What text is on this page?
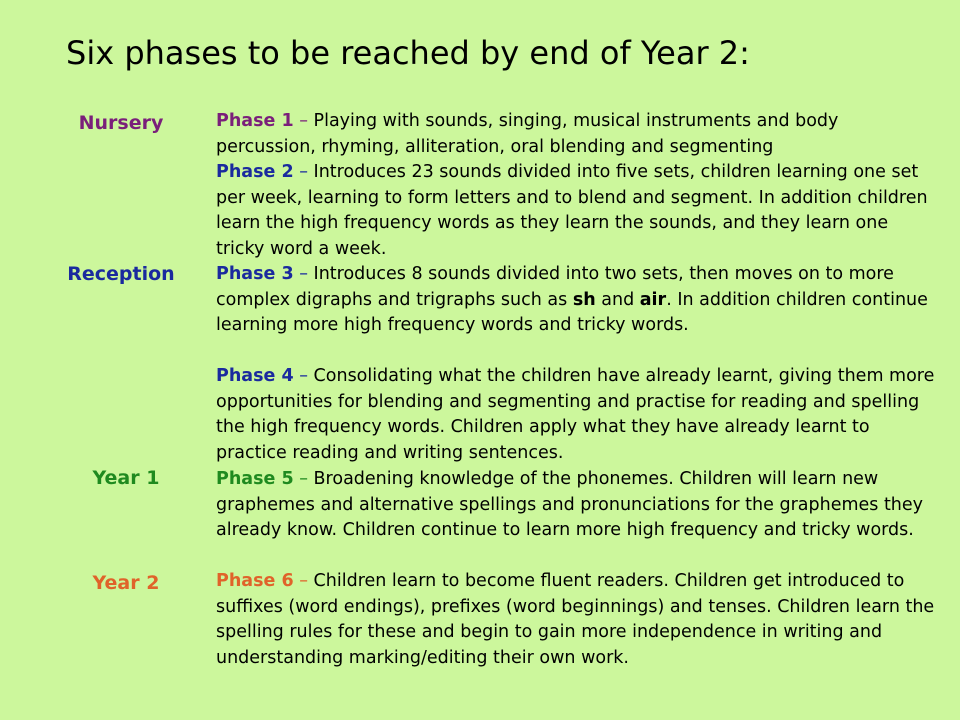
Six phases to be reached by end of Year 2:
Nursery
Reception
Year 1
Year 2
Phase 1 – Playing with sounds, singing, musical instruments and body percussion, rhyming, alliteration, oral blending and segmenting
Phase 2 – Introduces 23 sounds divided into five sets, children learning one set per week, learning to form letters and to blend and segment. In addition children learn the high frequency words as they learn the sounds, and they learn one tricky word a week.
Phase 3 – Introduces 8 sounds divided into two sets, then moves on to more complex digraphs and trigraphs such as sh and air. In addition children continue learning more high frequency words and tricky words.
Phase 4 – Consolidating what the children have already learnt, giving them more opportunities for blending and segmenting and practise for reading and spelling the high frequency words. Children apply what they have already learnt to practice reading and writing sentences.
Phase 5 – Broadening knowledge of the phonemes. Children will learn new graphemes and alternative spellings and pronunciations for the graphemes they already know. Children continue to learn more high frequency and tricky words.
Phase 6 – Children learn to become fluent readers. Children get introduced to suffixes (word endings), prefixes (word beginnings) and tenses. Children learn the spelling rules for these and begin to gain more independence in writing and understanding marking/editing their own work.
